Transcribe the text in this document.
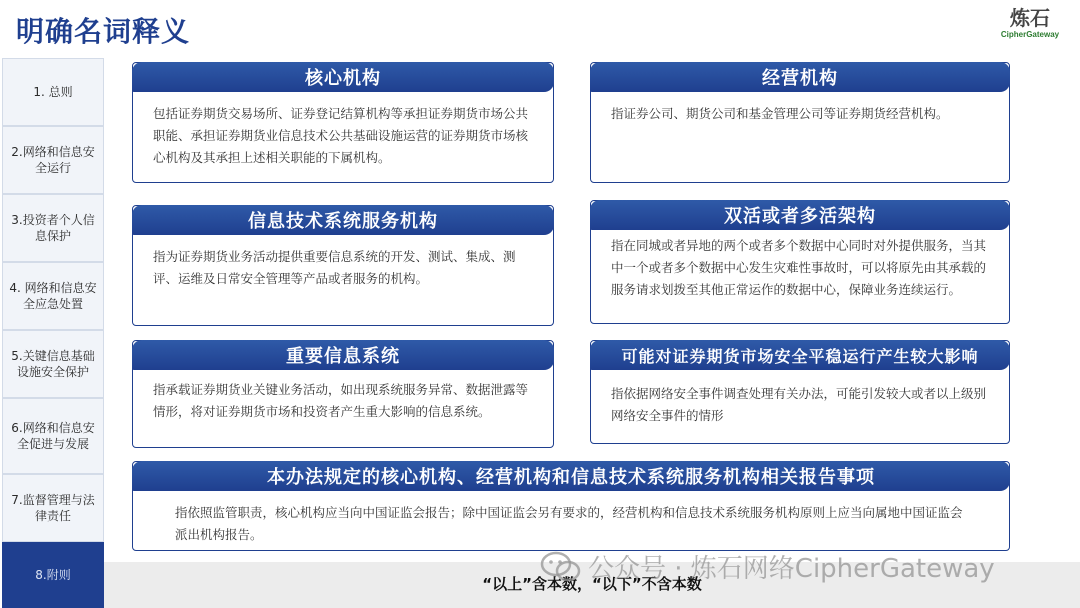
明确名词释义	炼石
CipherGateway
1. 总则
2.网络和信息安全运行
3.投资者个人信息保护
4. 网络和信息安全应急处置
5.关键信息基础设施安全保护
6.网络和信息安全促进与发展
7.监督管理与法律责任
8.附则
核心机构
包括证券期货交易场所、证券登记结算机构等承担证券期货市场公共职能、承担证券期货业信息技术公共基础设施运营的证券期货市场核心机构及其承担上述相关职能的下属机构。
经营机构
指证券公司、期货公司和基金管理公司等证券期货经营机构。
信息技术系统服务机构
指为证券期货业务活动提供重要信息系统的开发、测试、集成、测评、运维及日常安全管理等产品或者服务的机构。
双活或者多活架构
指在同城或者异地的两个或者多个数据中心同时对外提供服务，当其中一个或者多个数据中心发生灾难性事故时，可以将原先由其承载的服务请求划拨至其他正常运作的数据中心，保障业务连续运行。
重要信息系统
指承载证券期货业关键业务活动，如出现系统服务异常、数据泄露等情形，将对证券期货市场和投资者产生重大影响的信息系统。
可能对证券期货市场安全平稳运行产生较大影响
指依据网络安全事件调查处理有关办法，可能引发较大或者以上级别网络安全事件的情形
本办法规定的核心机构、经营机构和信息技术系统服务机构相关报告事项
指依照监管职责，核心机构应当向中国证监会报告；除中国证监会另有要求的，经营机构和信息技术系统服务机构原则上应当向属地中国证监会派出机构报告。
“以上”含本数，“以下”不含本数
公众号 · 炼石网络CipherGateway
